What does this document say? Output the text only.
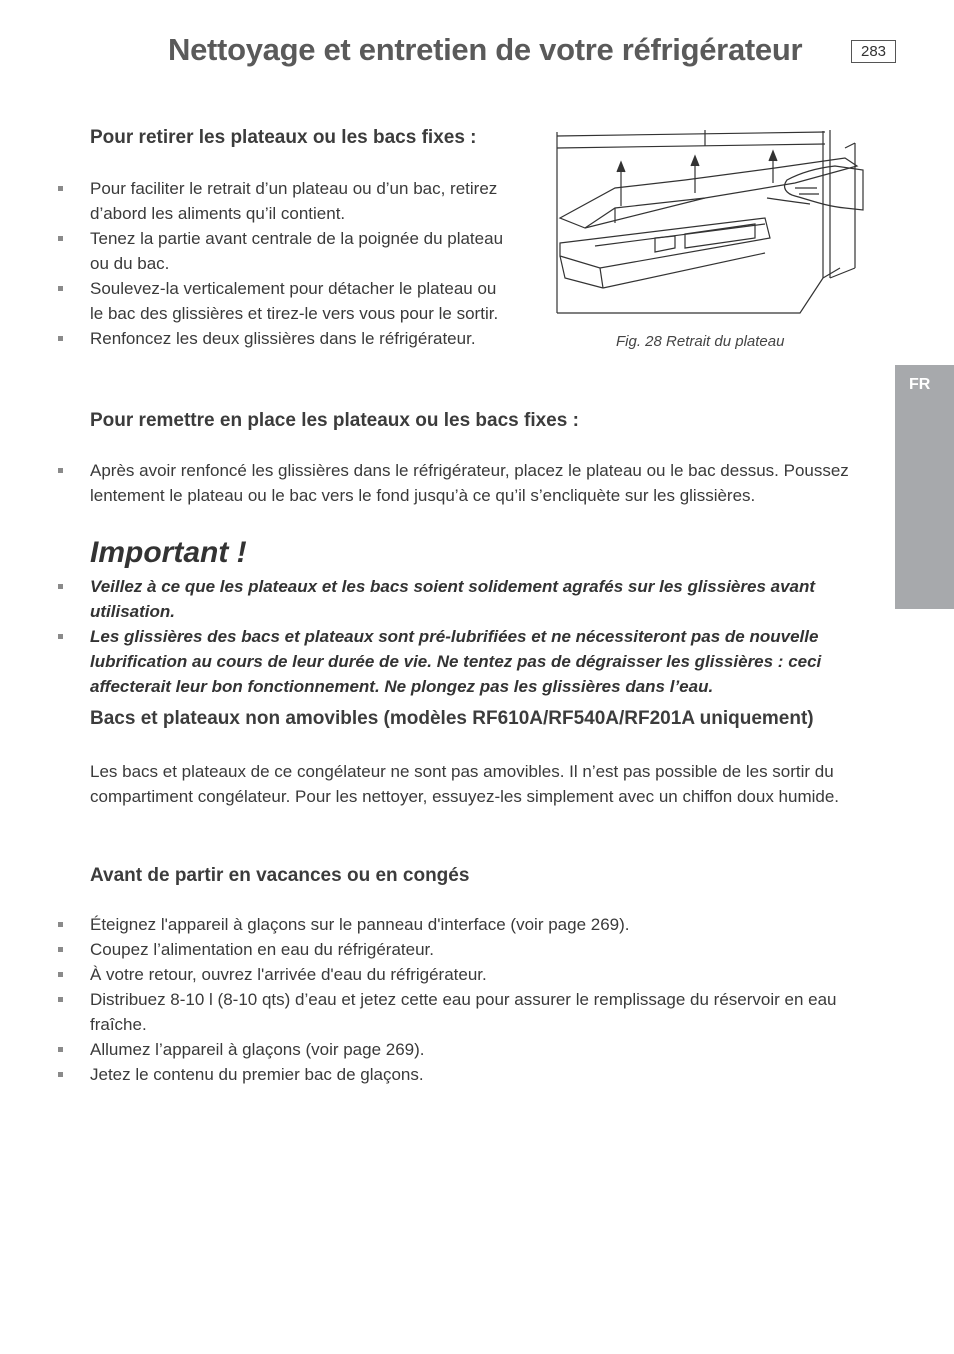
Nettoyage et entretien de votre réfrigérateur	283
FR
Pour retirer les plateaux ou les bacs fixes :
Pour faciliter le retrait d’un plateau ou d’un bac, retirez d’abord les aliments qu’il contient.
Tenez la partie avant centrale de la poignée du plateau ou du bac.
Soulevez-la verticalement pour détacher le plateau ou le bac des glissières et tirez-le vers vous pour le sortir.
Renfoncez les deux glissières dans le réfrigérateur.	Fig. 28 Retrait du plateau
Pour remettre en place les plateaux ou les bacs fixes :
Après avoir renfoncé les glissières dans le réfrigérateur, placez le plateau ou le bac dessus. Poussez lentement le plateau ou le bac vers le fond jusqu’à ce qu’il s’encliquète sur les glissières.
Important !
Veillez à ce que les plateaux et les bacs soient solidement agrafés sur les glissières avant utilisation.
Les glissières des bacs et plateaux sont pré-lubrifiées et ne nécessiteront pas de nouvelle lubrification au cours de leur durée de vie. Ne tentez pas de dégraisser les glissières : ceci affecterait leur bon fonctionnement. Ne plongez pas les glissières dans l’eau.
Bacs et plateaux non amovibles (modèles RF610A/RF540A/RF201A uniquement)
Les bacs et plateaux de ce congélateur ne sont pas amovibles. Il n’est pas possible de les sortir du compartiment congélateur. Pour les nettoyer, essuyez-les simplement avec un chiffon doux humide.
Avant de partir en vacances ou en congés
Éteignez l'appareil à glaçons sur le panneau d'interface (voir page 269).
Coupez l’alimentation en eau du réfrigérateur.
À votre retour, ouvrez l'arrivée d'eau du réfrigérateur.
Distribuez 8-10 l (8-10 qts) d’eau et jetez cette eau pour assurer le remplissage du réservoir en eau fraîche.
Allumez l’appareil à glaçons (voir page 269).
Jetez le contenu du premier bac de glaçons.
